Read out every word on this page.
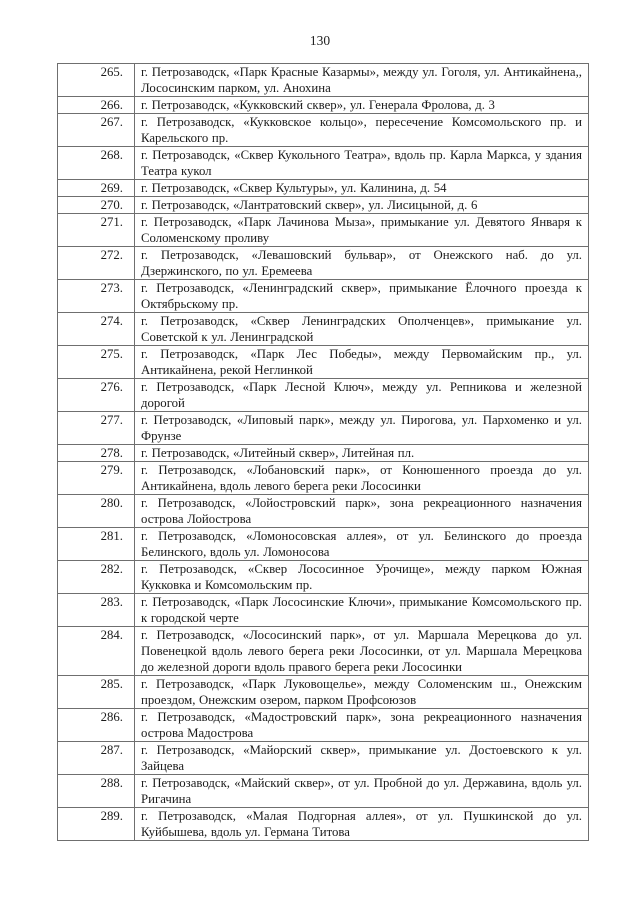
130
265.	г. Петрозаводск, «Парк Красные Казармы», между ул. Гоголя, ул. Антикайнена,, Лососинским парком, ул. Анохина
266.	г. Петрозаводск, «Кукковский сквер», ул. Генерала Фролова, д. 3
267.	г. Петрозаводск, «Кукковское кольцо», пересечение Комсомольского пр. и Карельского пр.
268.	г. Петрозаводск, «Сквер Кукольного Театра», вдоль пр. Карла Маркса, у здания Театра кукол
269.	г. Петрозаводск, «Сквер Культуры», ул. Калинина, д. 54
270.	г. Петрозаводск, «Лантратовский сквер», ул. Лисицыной, д. 6
271.	г. Петрозаводск, «Парк Лачинова Мыза», примыкание ул. Девятого Января к Соломенскому проливу
272.	г. Петрозаводск, «Левашовский бульвар», от Онежского наб. до ул. Дзержинского, по ул. Еремеева
273.	г. Петрозаводск, «Ленинградский сквер», примыкание Ёлочного проезда к Октябрьскому пр.
274.	г. Петрозаводск, «Сквер Ленинградских Ополченцев», примыкание ул. Советской к ул. Ленинградской
275.	г. Петрозаводск, «Парк Лес Победы», между Первомайским пр., ул. Антикайнена, рекой Неглинкой
276.	г. Петрозаводск, «Парк Лесной Ключ», между ул. Репникова и железной дорогой
277.	г. Петрозаводск, «Липовый парк», между ул. Пирогова, ул. Пархоменко и ул. Фрунзе
278.	г. Петрозаводск, «Литейный сквер», Литейная пл.
279.	г. Петрозаводск, «Лобановский парк», от Конюшенного проезда до ул. Антикайнена, вдоль левого берега реки Лососинки
280.	г. Петрозаводск, «Лойостровский парк», зона рекреационного назначения острова Лойострова
281.	г. Петрозаводск, «Ломоносовская аллея», от ул. Белинского до проезда Белинского, вдоль ул. Ломоносова
282.	г. Петрозаводск, «Сквер Лососинное Урочище», между парком Южная Кукковка и Комсомольским пр.
283.	г. Петрозаводск, «Парк Лососинские Ключи», примыкание Комсомольского пр. к городской черте
284.	г. Петрозаводск, «Лососинский парк», от ул. Маршала Мерецкова до ул. Повенецкой вдоль левого берега реки Лососинки, от ул. Маршала Мерецкова до железной дороги вдоль правого берега реки Лососинки
285.	г. Петрозаводск, «Парк Луковощелье», между Соломенским ш., Онежским проездом, Онежским озером, парком Профсоюзов
286.	г. Петрозаводск, «Мадостровский парк», зона рекреационного назначения острова Мадострова
287.	г. Петрозаводск, «Майорский сквер», примыкание ул. Достоевского к ул. Зайцева
288.	г. Петрозаводск, «Майский сквер», от ул. Пробной до ул. Державина, вдоль ул. Ригачина
289.	г. Петрозаводск, «Малая Подгорная аллея», от ул. Пушкинской до ул. Куйбышева, вдоль ул. Германа Титова
